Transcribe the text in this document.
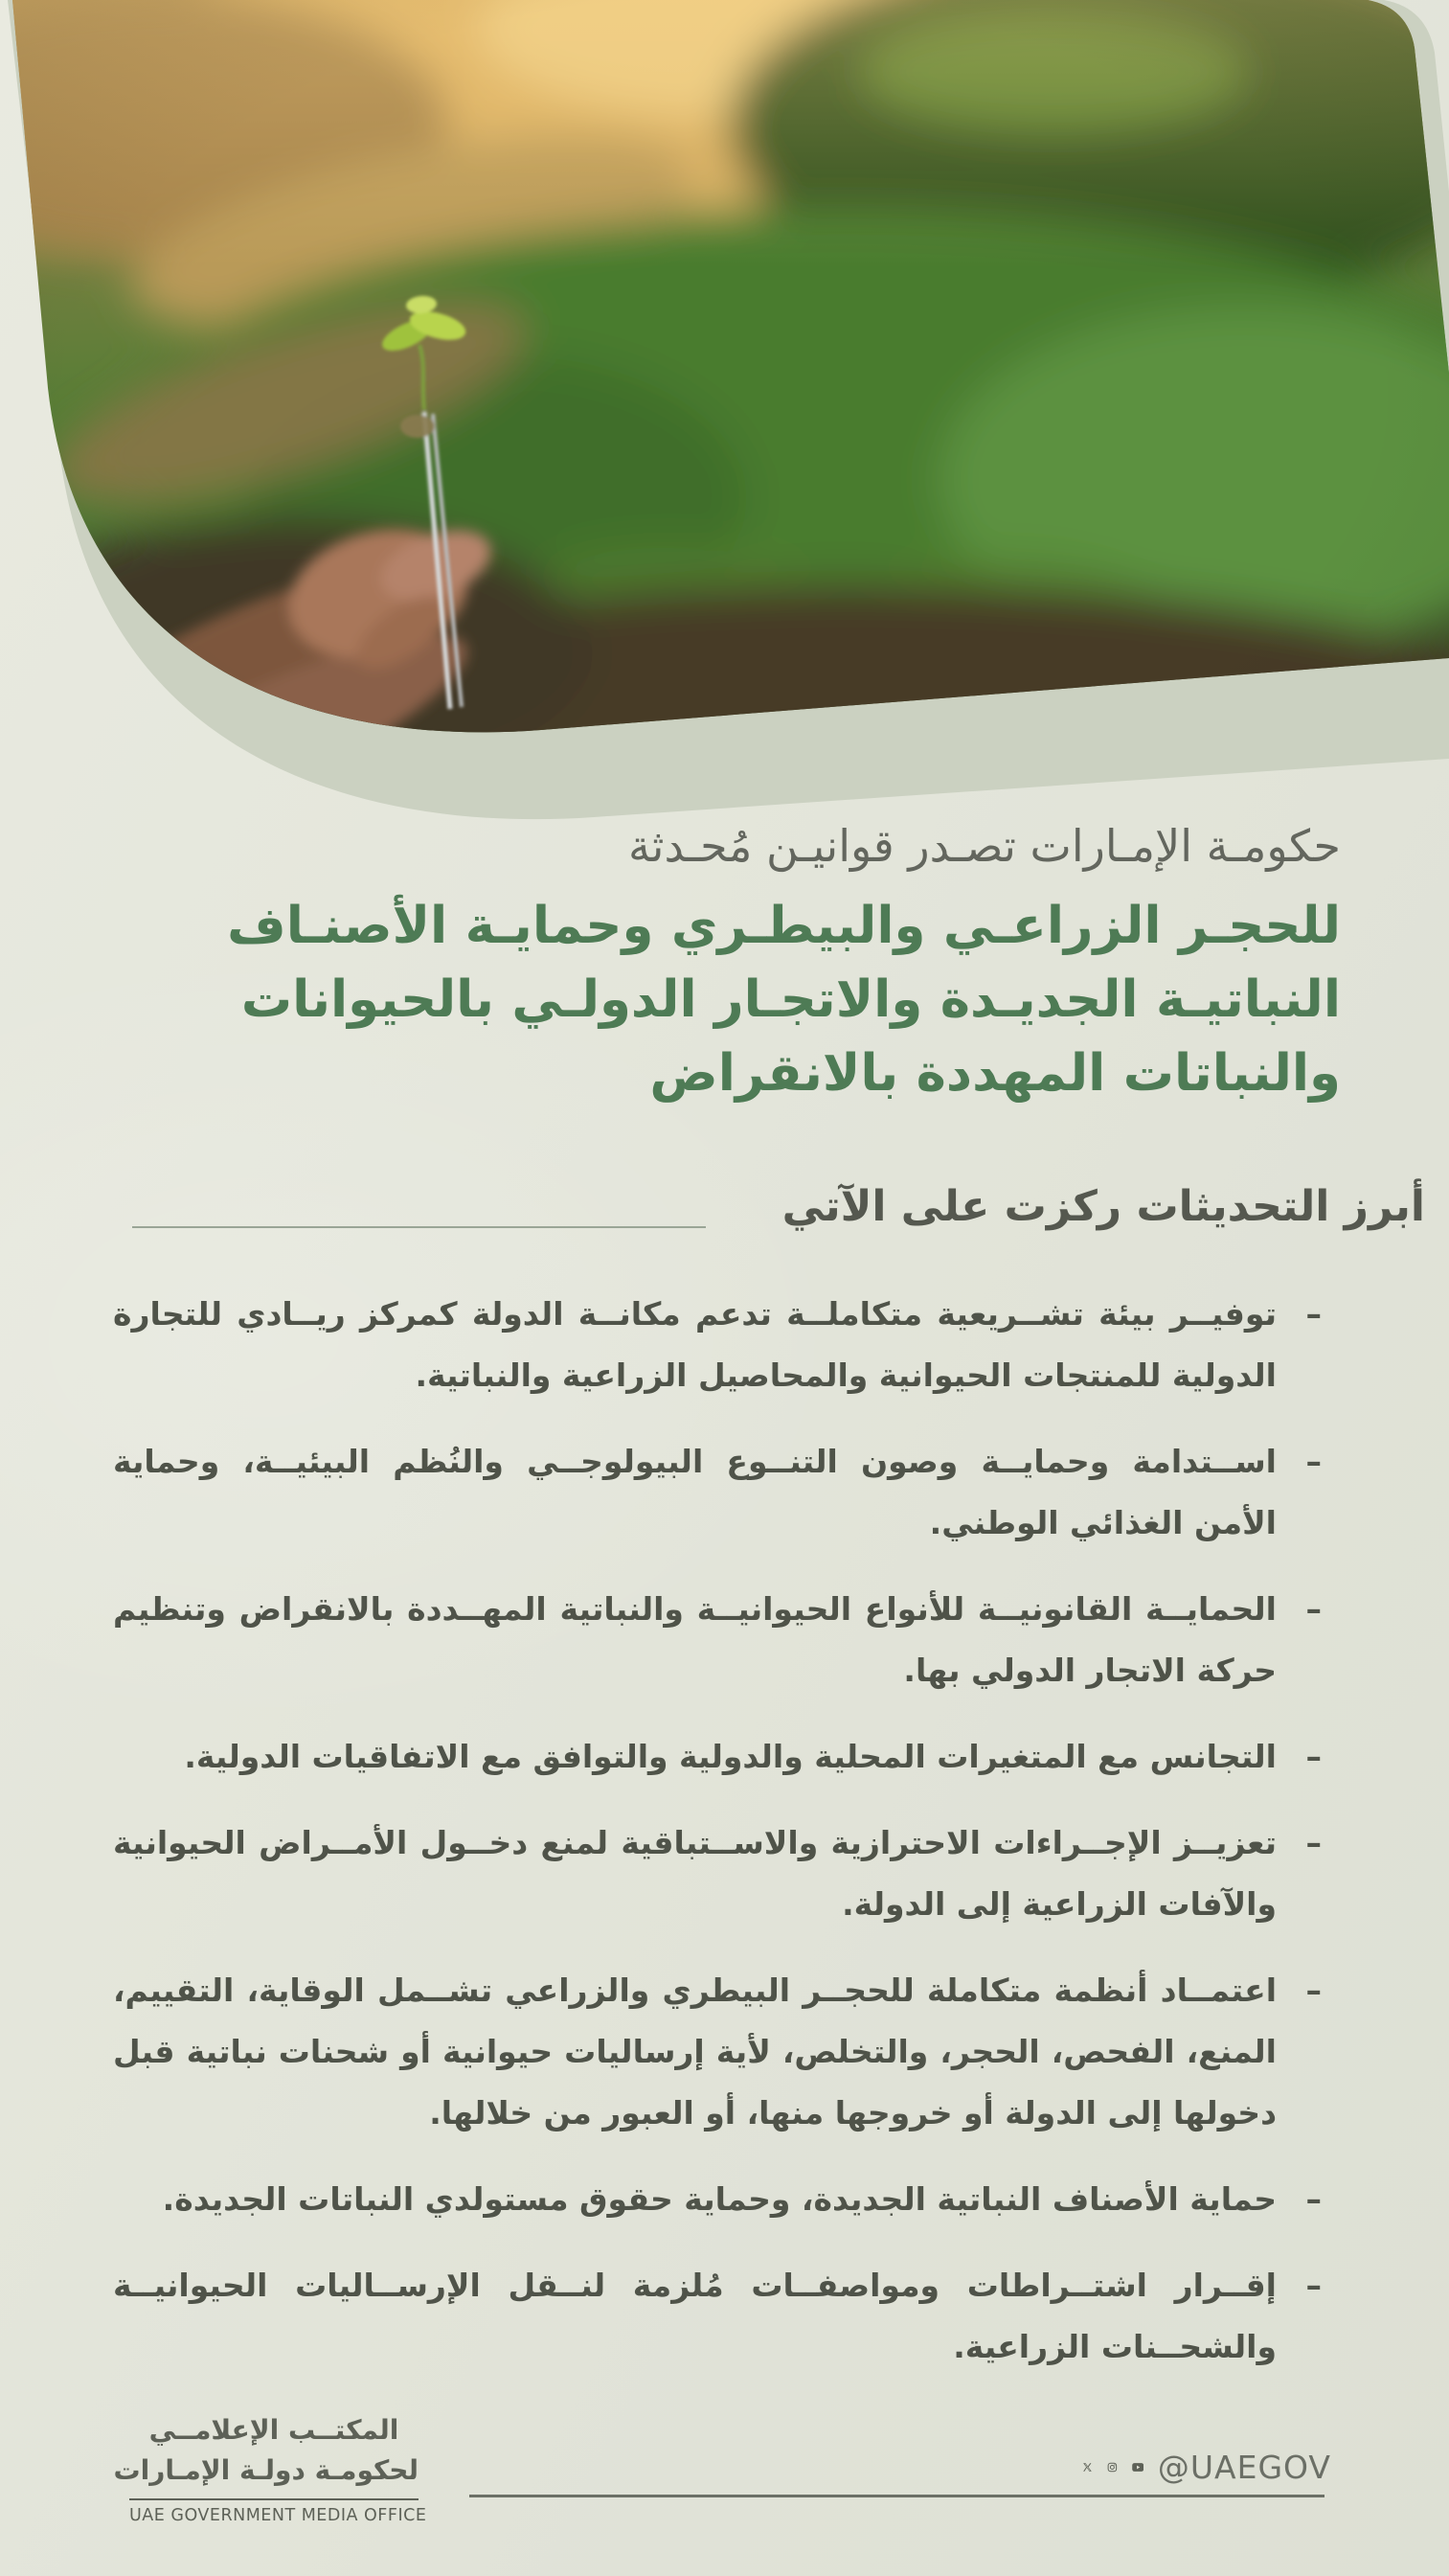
حكومـة الإمـارات تصـدر قوانيـن مُحـدثة
للحجـر الزراعـي والبيطـري وحمايـة الأصنـاف
النباتيـة الجديـدة والاتجـار الدولـي بالحيوانات
والنباتات المهددة بالانقراض
أبرز التحديثات ركزت على الآتي
–

توفيــر بيئة تشــريعية متكاملــة تدعم مكانــة الدولة كمركز ريــادي للتجارة الدولية للمنتجات الحيوانية والمحاصيل الزراعية والنباتية.

–

اســتدامة وحمايــة وصون التنــوع البيولوجــي والنُظم البيئيــة، وحماية الأمن الغذائي الوطني.

–

الحمايــة القانونيــة للأنواع الحيوانيــة والنباتية المهــددة بالانقراض وتنظيم حركة الاتجار الدولي بها.

–

التجانس مع المتغيرات المحلية والدولية والتوافق مع الاتفاقيات الدولية.

–

تعزيــز الإجــراءات الاحترازية والاســتباقية لمنع دخــول الأمــراض الحيوانية والآفات الزراعية إلى الدولة.

–

اعتمــاد أنظمة متكاملة للحجــر البيطري والزراعي تشــمل الوقاية، التقييم، المنع، الفحص، الحجر، والتخلص، لأية إرساليات حيوانية أو شحنات نباتية قبل دخولها إلى الدولة أو خروجها منها، أو العبور من خلالها.

–

حماية الأصناف النباتية الجديدة، وحماية حقوق مستولدي النباتات الجديدة.

–

إقــرار اشتــراطات ومواصفــات مُلزمة لنــقل الإرســاليات الحيوانيــة والشحــنات الزراعية.

المكتــب الإعلامــي
لحكومـة دولـة الإمـارات
UAE GOVERNMENT MEDIA OFFICE
@UAEGOV
